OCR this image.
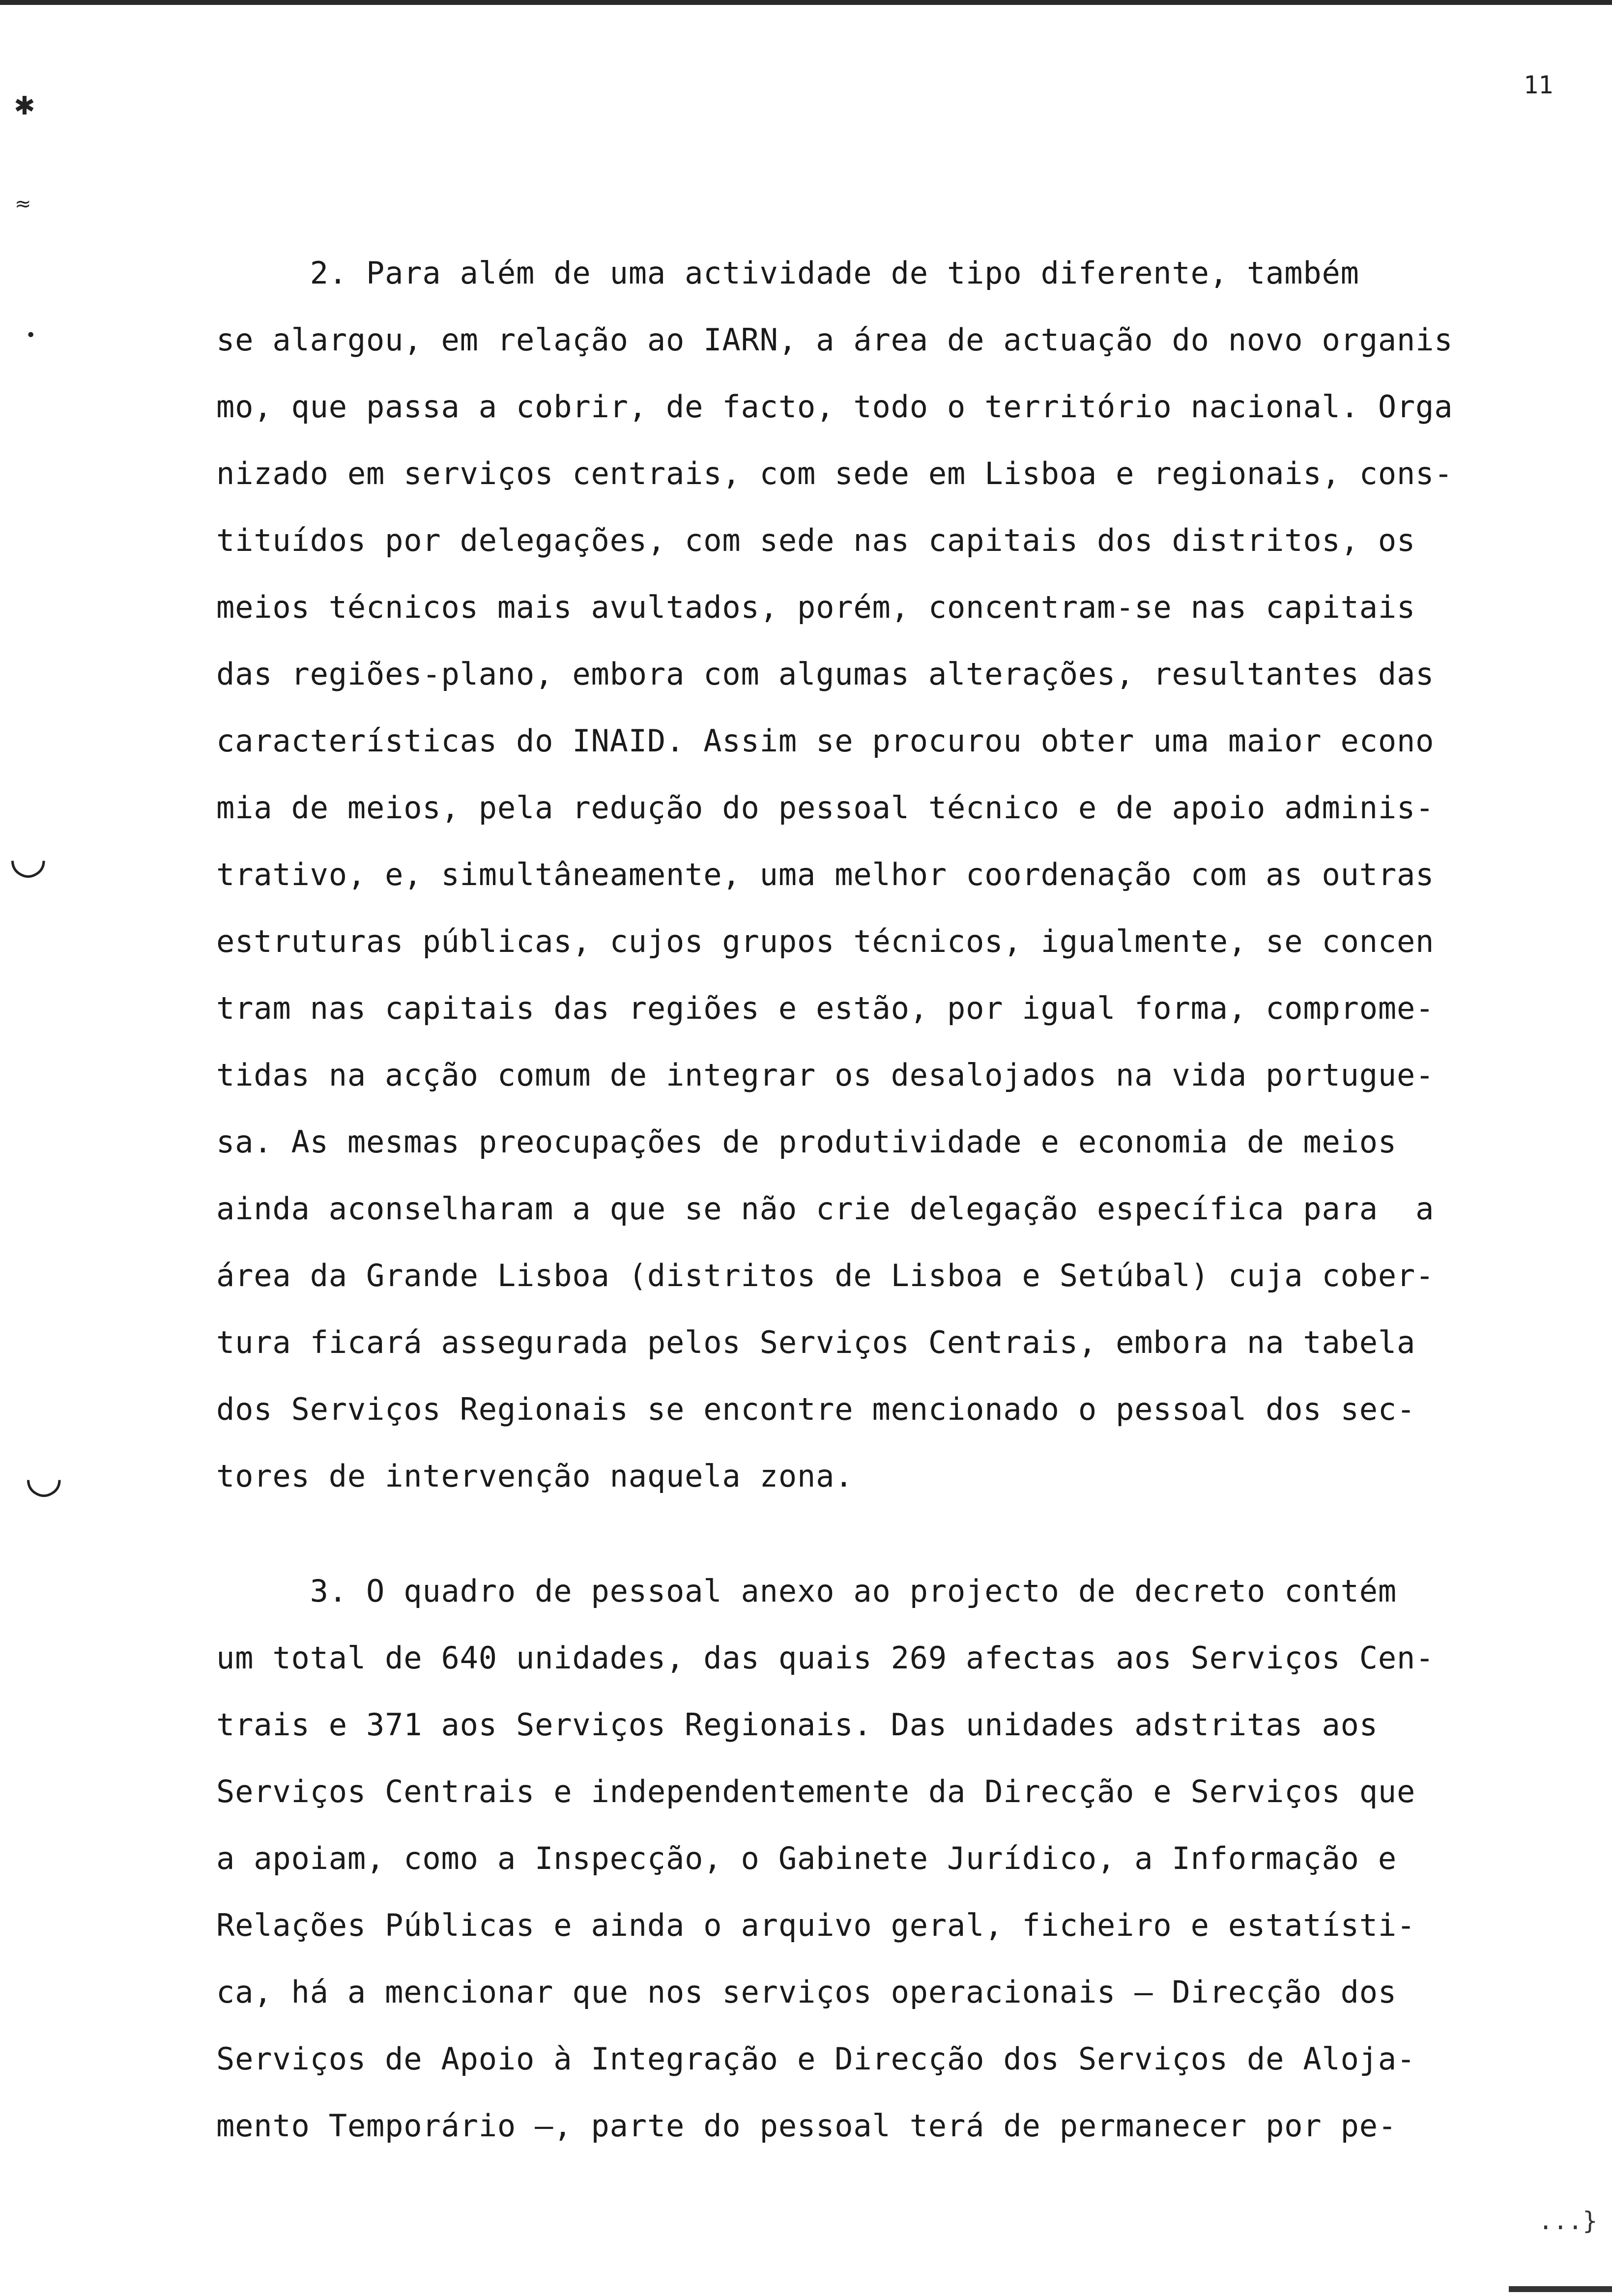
11
✱
≈
•
◡
◡
2. Para além de uma actividade de tipo diferente, também
se alargou, em relação ao IARN, a área de actuação do novo organis
mo, que passa a cobrir, de facto, todo o território nacional. Orga
nizado em serviços centrais, com sede em Lisboa e regionais, cons-
tituídos por delegações, com sede nas capitais dos distritos, os
meios técnicos mais avultados, porém, concentram-se nas capitais
das regiões-plano, embora com algumas alterações, resultantes das
características do INAID. Assim se procurou obter uma maior econo
mia de meios, pela redução do pessoal técnico e de apoio adminis-
trativo, e, simultâneamente, uma melhor coordenação com as outras
estruturas públicas, cujos grupos técnicos, igualmente, se concen
tram nas capitais das regiões e estão, por igual forma, comprome-
tidas na acção comum de integrar os desalojados na vida portugue-
sa. As mesmas preocupações de produtividade e economia de meios
ainda aconselharam a que se não crie delegação específica para  a
área da Grande Lisboa (distritos de Lisboa e Setúbal) cuja cober-
tura ficará assegurada pelos Serviços Centrais, embora na tabela
dos Serviços Regionais se encontre mencionado o pessoal dos sec-
tores de intervenção naquela zona.
3. O quadro de pessoal anexo ao projecto de decreto contém
um total de 640 unidades, das quais 269 afectas aos Serviços Cen-
trais e 371 aos Serviços Regionais. Das unidades adstritas aos
Serviços Centrais e independentemente da Direcção e Serviços que
a apoiam, como a Inspecção, o Gabinete Jurídico, a Informação e
Relações Públicas e ainda o arquivo geral, ficheiro e estatísti-
ca, há a mencionar que nos serviços operacionais — Direcção dos
Serviços de Apoio à Integração e Direcção dos Serviços de Aloja-
mento Temporário —, parte do pessoal terá de permanecer por pe-
...}
